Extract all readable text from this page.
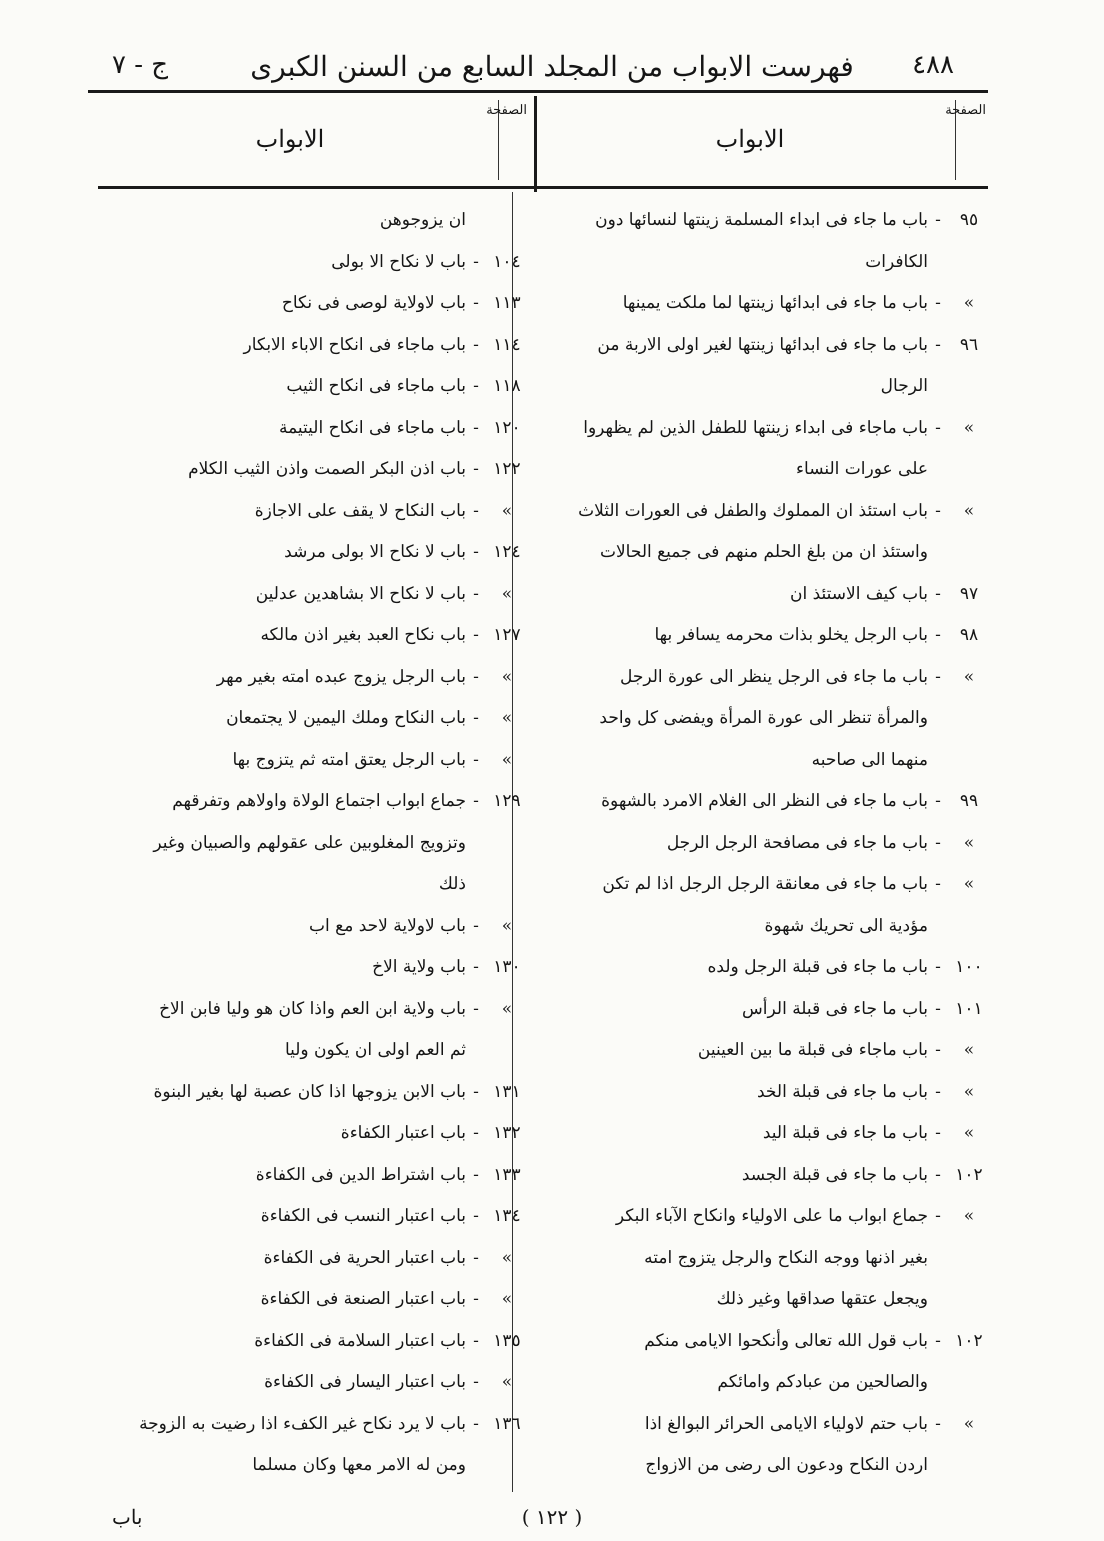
٤٨٨
فهرست الابواب من المجلد السابع من السنن الكبرى
ج - ٧
الصفحة
الابواب
الصفحة
الابواب
٩٥
-
باب ما جاء فى ابداء المسلمة زينتها لنسائها دون
الكافرات
»
-
باب ما جاء فى ابدائها زينتها لما ملكت يمينها
٩٦
-
باب ما جاء فى ابدائها زينتها لغير اولى الاربة من
الرجال
»
-
باب ماجاء فى ابداء زينتها للطفل الذين لم يظهروا
على عورات النساء
»
-
باب استئذ ان المملوك والطفل فى العورات الثلاث
واستئذ ان من بلغ الحلم منهم فى جميع الحالات
٩٧
-
باب كيف الاستئذ ان
٩٨
-
باب الرجل يخلو بذات محرمه يسافر بها
»
-
باب ما جاء فى الرجل ينظر الى عورة الرجل
والمرأة تنظر الى عورة المرأة ويفضى كل واحد
منهما الى صاحبه
٩٩
-
باب ما جاء فى النظر الى الغلام الامرد بالشهوة
»
-
باب ما جاء فى مصافحة الرجل الرجل
»
-
باب ما جاء فى معانقة الرجل الرجل اذا لم تكن
مؤدية الى تحريك شهوة
١٠٠
-
باب ما جاء فى قبلة الرجل ولده
١٠١
-
باب ما جاء فى قبلة الرأس
»
-
باب ماجاء فى قبلة ما بين العينين
»
-
باب ما جاء فى قبلة الخد
»
-
باب ما جاء فى قبلة اليد
١٠٢
-
باب ما جاء فى قبلة الجسد
»
-
جماع ابواب ما على الاولياء وانكاح الآباء البكر
بغير اذنها ووجه النكاح والرجل يتزوج امته
ويجعل عتقها صداقها وغير ذلك
١٠٢
-
باب قول الله تعالى وأنكحوا الايامى منكم
والصالحين من عبادكم وامائكم
»
-
باب حتم لاولياء الايامى الحرائر البوالغ اذا
اردن النكاح ودعون الى رضى من الازواج
ان يزوجوهن
١٠٤
-
باب لا نكاح الا بولى
١١٣
-
باب لاولاية لوصى فى نكاح
١١٤
-
باب ماجاء فى انكاح الاباء الابكار
١١٨
-
باب ماجاء فى انكاح الثيب
١٢٠
-
باب ماجاء فى انكاح اليتيمة
١٢٢
-
باب اذن البكر الصمت واذن الثيب الكلام
»
-
باب النكاح لا يقف على الاجازة
١٢٤
-
باب لا نكاح الا بولى مرشد
»
-
باب لا نكاح الا بشاهدين عدلين
١٢٧
-
باب نكاح العبد بغير اذن مالكه
»
-
باب الرجل يزوج عبده امته بغير مهر
»
-
باب النكاح وملك اليمين لا يجتمعان
»
-
باب الرجل يعتق امته ثم يتزوج بها
١٢٩
-
جماع ابواب اجتماع الولاة واولاهم وتفرقهم
وتزويج المغلوبين على عقولهم والصبيان وغير
ذلك
»
-
باب لاولاية لاحد مع اب
١٣٠
-
باب ولاية الاخ
»
-
باب ولاية ابن العم واذا كان هو وليا فابن الاخ
ثم العم اولى ان يكون وليا
١٣١
-
باب الابن يزوجها اذا كان عصبة لها بغير البنوة
١٣٢
-
باب اعتبار الكفاءة
١٣٣
-
باب اشتراط الدين فى الكفاءة
١٣٤
-
باب اعتبار النسب فى الكفاءة
»
-
باب اعتبار الحرية فى الكفاءة
»
-
باب اعتبار الصنعة فى الكفاءة
١٣٥
-
باب اعتبار السلامة فى الكفاءة
»
-
باب اعتبار اليسار فى الكفاءة
١٣٦
-
باب لا يرد نكاح غير الكفء اذا رضيت به الزوجة
ومن له الامر معها وكان مسلما
( ١٢٢ )
باب
